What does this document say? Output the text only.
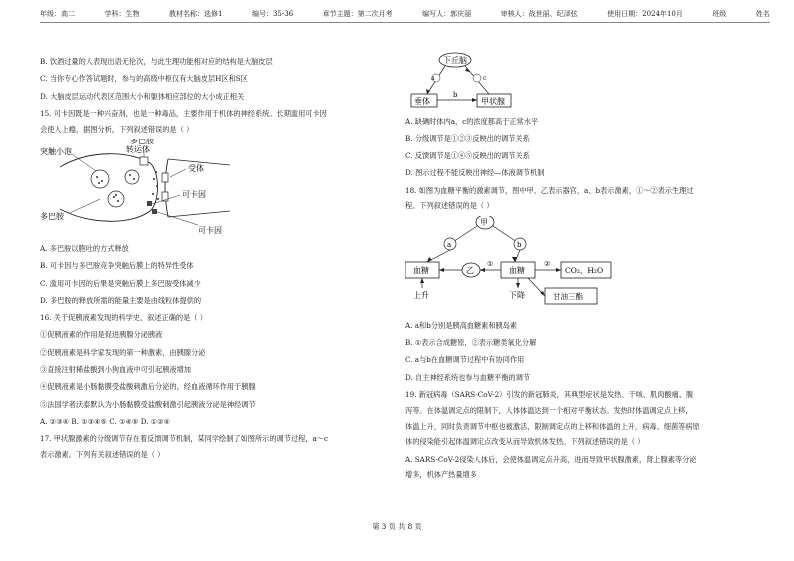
年级：高二	学科：生物	教材名称：选修1	编号：35-36	章节主题：第二次月考	编写人：郭庆丽	审核人：战世丽、纪泽弦	使用日期：2024年10月	班级	姓名
B. 饮酒过量的人表现出语无伦次，与此生理功能相对应的结构是大脑皮层
C. 当你专心作答试题时，参与的高级中枢仅有大脑皮层H区和S区
D. 大脑皮层运动代表区范围大小和躯体相应部位的大小成正相关
15. 可卡因既是一种兴奋剂，也是一种毒品，主要作用于机体的神经系统。长期滥用可卡因
会使人上瘾，据图分析，下列叙述错误的是（ ）
突触小泡
多巴胺
转运体
受体
多巴胺
可卡因
可卡因
A. 多巴胺以胞吐的方式释放
B. 可卡因与多巴胺竞争突触后膜上的特异性受体
C. 滥用可卡因的后果是突触后膜上多巴胺受体减少
D. 多巴胺的释放所需的能量主要是由线粒体提供的
16. 关于促胰液素发现的科学史，叙述正确的是（ ）
①促胰液素的作用是促进胰腺分泌胰液
②促胰液素是科学家发现的第一种激素，由胰腺分泌
③直接注射稀盐酸到小狗血液中可引起胰液增加
④促胰液素是小肠黏膜受盐酸刺激后分泌的，经血液循环作用于胰腺
⑤法国学者沃泰默认为小肠黏膜受盐酸刺激引起胰液分泌是神经调节
A. ②③④ B. ①③④⑤ C. ①④⑤ D. ①②④
17. 甲状腺激素的分级调节存在着反馈调节机制，某同学绘制了如图所示的调节过程，a～c
表示激素。下列有关叙述错误的是（ ）
a
b
c
下丘脑
垂体	甲状腺
A. 缺碘时体内a、c的浓度都高于正常水平
B. 分级调节是①②③反映出的调节关系
C. 反馈调节是①④⑤反映出的调节关系
D. 图示过程不能反映出神经—体液调节机制
18. 如图为血糖平衡的激素调节，图中甲、乙表示器官，a、b表示激素，①～②表示生理过
程。下列叙述错误的是（ ）
甲
a	b
乙
血糖	血糖
上升	下降
①	②
CO₂、H₂O
甘油三酯
A. a和b分别是胰高血糖素和胰岛素
B. ①表示合成糖原，②表示糖类氧化分解
C. a与b在血糖调节过程中有协同作用
D. 自主神经系统也参与血糖平衡的调节
19. 新冠病毒（SARS-CoV-2）引发的新冠肺炎，其典型症状是发热、干咳、肌肉酸痛、腹
泻等。在体温调定点的限制下，人体体温达到一个相对平衡状态。发热时体温调定点上移，
体温上升，同时负责调节中枢也被激活，限制调定点的上移和体温的上升。病毒、细菌等病原
体的侵染能引起体温调定点改变从而导致机体发热。下列叙述错误的是（ ）
A. SARS-CoV-2侵染人体后，会使体温调定点升高，进而导致甲状腺激素，肾上腺素等分泌
增多，机体产热量增多
第 3 页 共 8 页
